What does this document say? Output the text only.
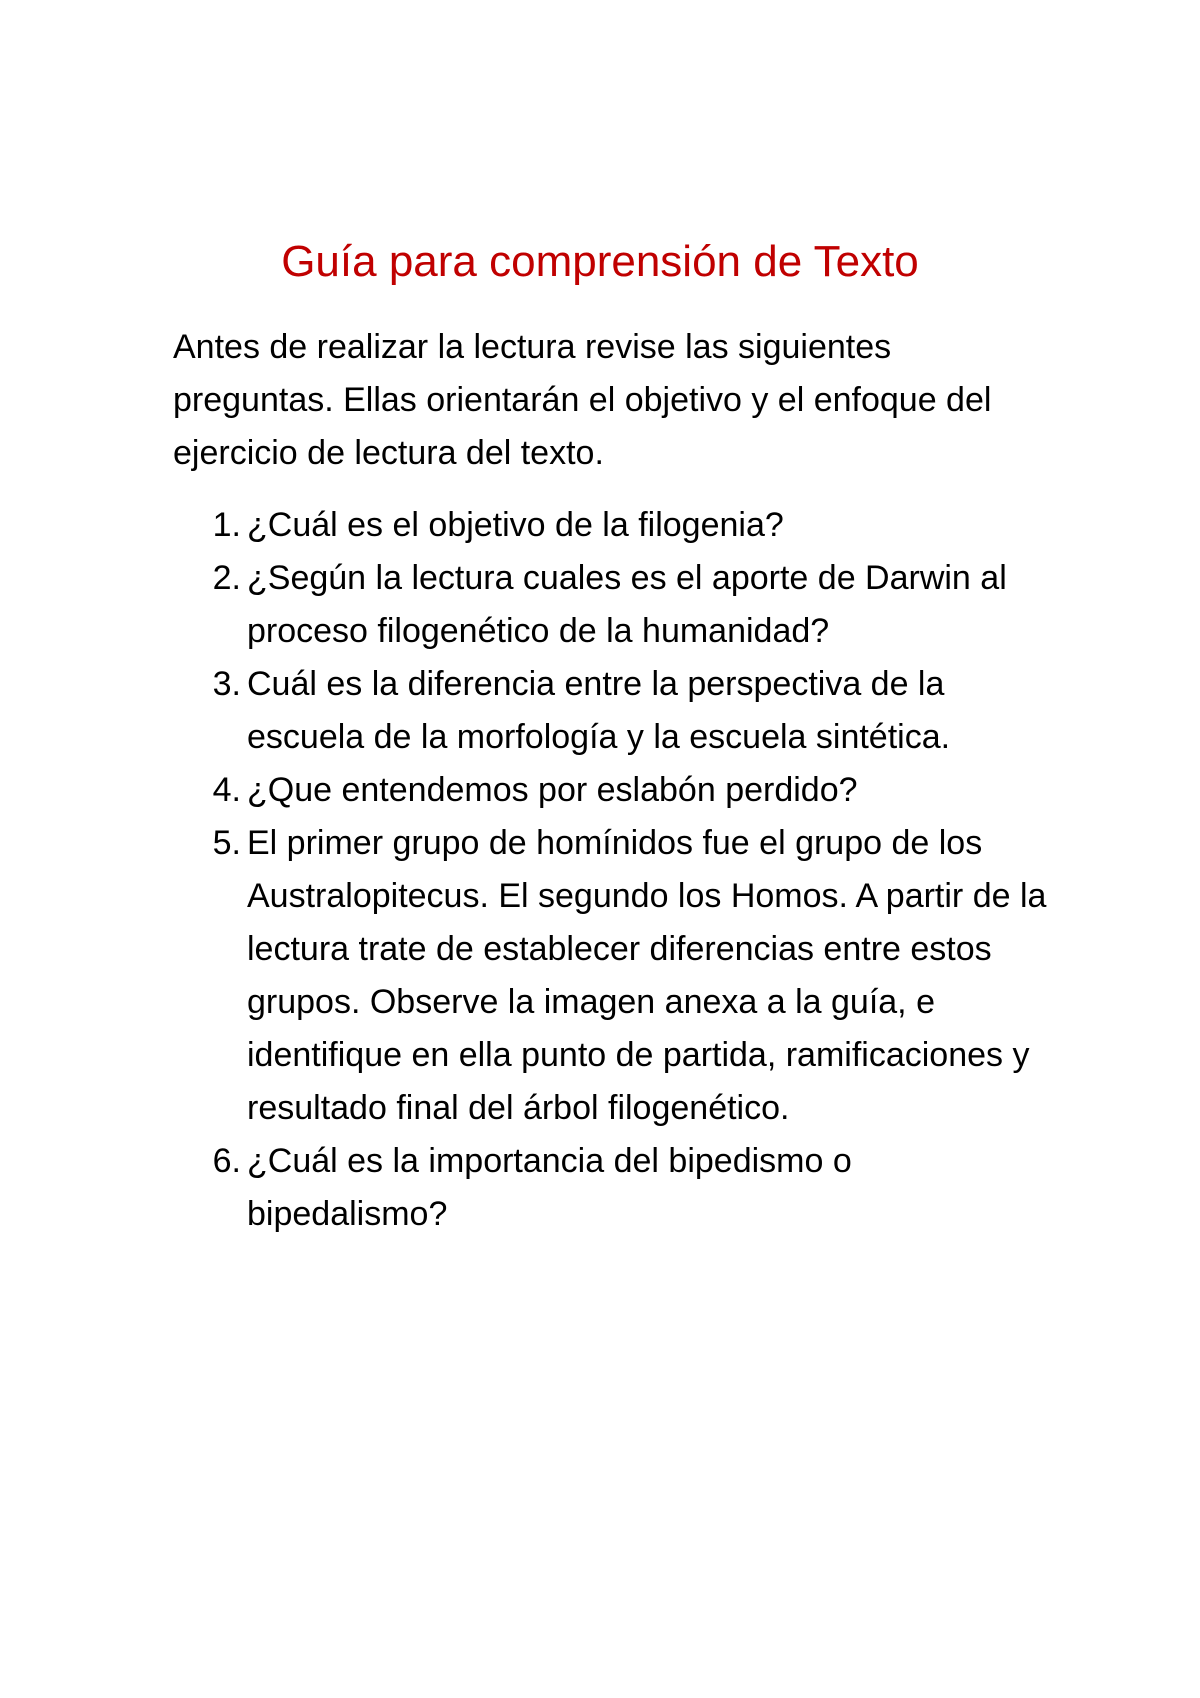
Guía para comprensión de Texto

Antes de realizar la lectura revise las siguientes preguntas. Ellas orientarán el objetivo y el enfoque del ejercicio de lectura del texto.

1. ¿Cuál es el objetivo de la filogenia?
2. ¿Según la lectura cuales es el aporte de Darwin al proceso filogenético de la humanidad?
3. Cuál es la diferencia entre la perspectiva de la escuela de la morfología y la escuela sintética.
4. ¿Que entendemos por eslabón perdido?
5. El primer grupo de homínidos fue el grupo de los Australopitecus. El segundo los Homos. A partir de la lectura trate de establecer diferencias entre estos grupos. Observe la imagen anexa a la guía, e identifique en ella punto de partida, ramificaciones y resultado final del árbol filogenético.
6. ¿Cuál es la importancia del bipedismo o bipedalismo?
